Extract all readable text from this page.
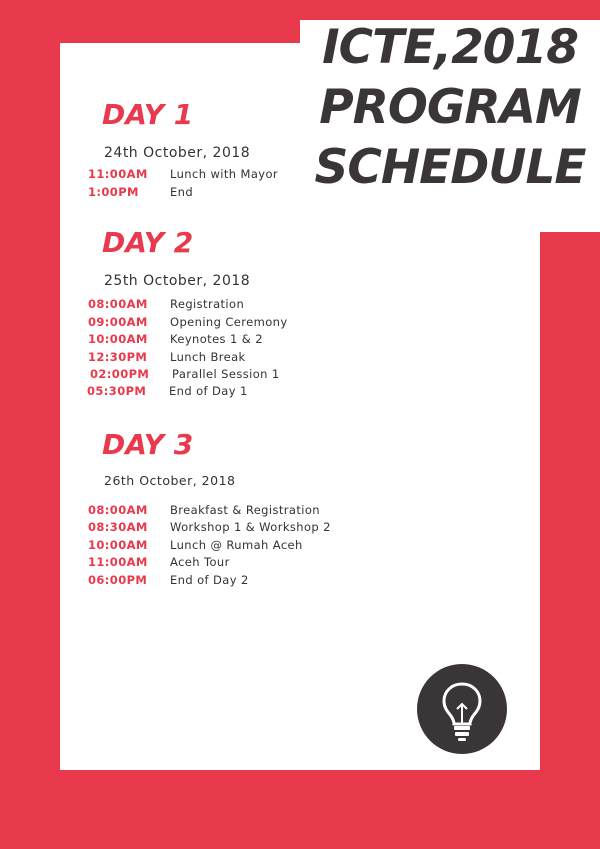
ICTE,2018
PROGRAM
SCHEDULE
DAY 1
24th October, 2018
11:00AM Lunch with Mayor
1:00PM	End
DAY 2
25th October, 2018
08:00AM Registration
09:00AM Opening Ceremony
10:00AM Keynotes 1 & 2
12:30PM Lunch Break
02:00PM Parallel Session 1
05:30PM End of Day 1
DAY 3
26th October, 2018
08:00AM Breakfast & Registration
08:30AM Workshop 1 & Workshop 2
10:00AM Lunch @ Rumah Aceh
11:00AM Aceh Tour
06:00PM End of Day 2
